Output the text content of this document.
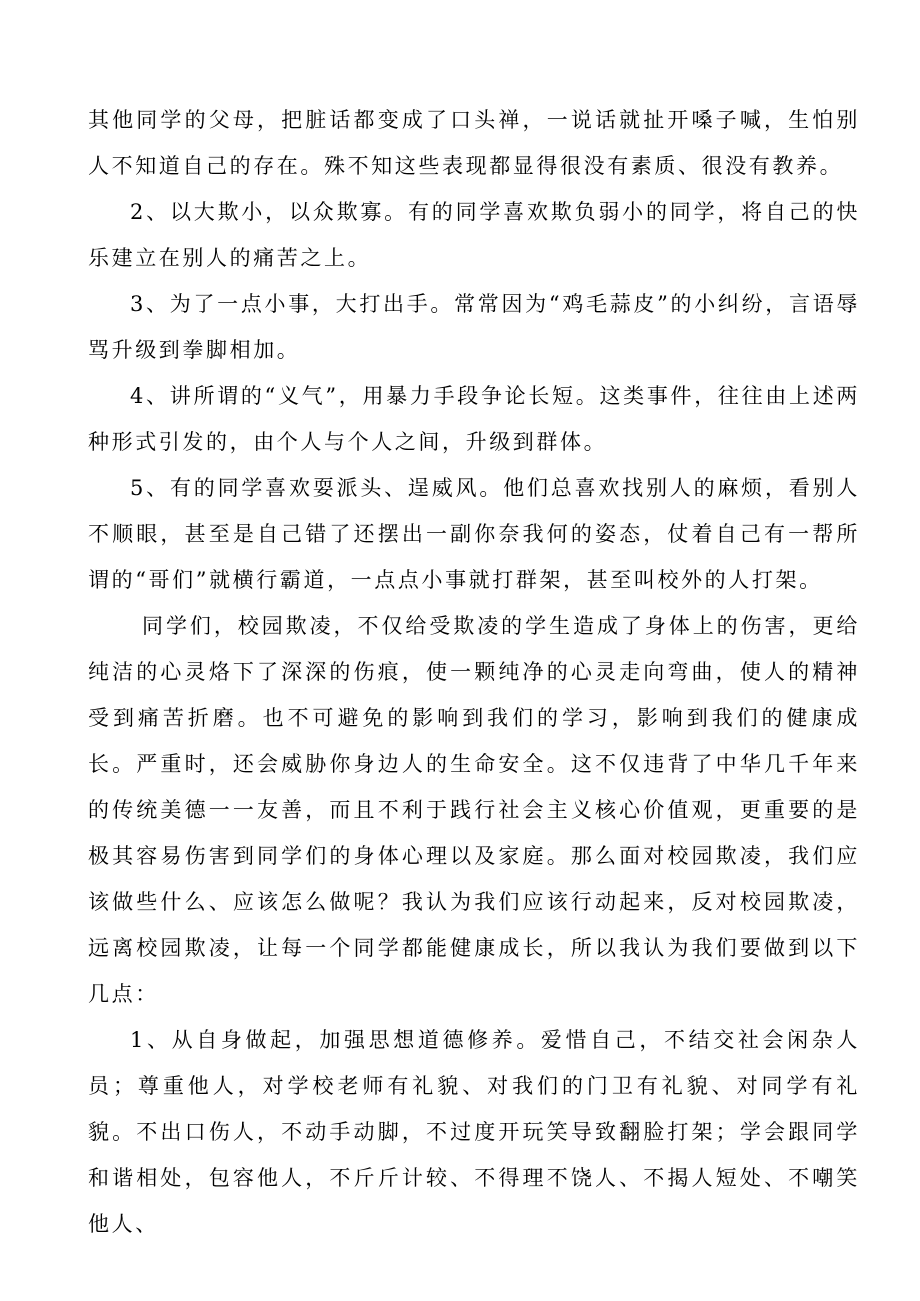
其他同学的父母，把脏话都变成了口头禅，一说话就扯开嗓子喊，生怕别人不知道自己的存在。殊不知这些表现都显得很没有素质、很没有教养。

2、以大欺小，以众欺寡。有的同学喜欢欺负弱小的同学，将自己的快乐建立在别人的痛苦之上。

3、为了一点小事，大打出手。常常因为“鸡毛蒜皮”的小纠纷，言语辱骂升级到拳脚相加。

4、讲所谓的“义气”，用暴力手段争论长短。这类事件，往往由上述两种形式引发的，由个人与个人之间，升级到群体。

5、有的同学喜欢耍派头、逞威风。他们总喜欢找别人的麻烦，看别人不顺眼，甚至是自己错了还摆出一副你奈我何的姿态，仗着自己有一帮所谓的“哥们”就横行霸道，一点点小事就打群架，甚至叫校外的人打架。

同学们，校园欺凌，不仅给受欺凌的学生造成了身体上的伤害，更给纯洁的心灵烙下了深深的伤痕，使一颗纯净的心灵走向弯曲，使人的精神受到痛苦折磨。也不可避免的影响到我们的学习，影响到我们的健康成长。严重时，还会威胁你身边人的生命安全。这不仅违背了中华几千年来的传统美德一一友善，而且不利于践行社会主义核心价值观，更重要的是极其容易伤害到同学们的身体心理以及家庭。那么面对校园欺凌，我们应该做些什么、应该怎么做呢？我认为我们应该行动起来，反对校园欺凌，远离校园欺凌，让每一个同学都能健康成长，所以我认为我们要做到以下几点：

1、从自身做起，加强思想道德修养。爱惜自己，不结交社会闲杂人员；尊重他人，对学校老师有礼貌、对我们的门卫有礼貌、对同学有礼貌。不出口伤人，不动手动脚，不过度开玩笑导致翻脸打架；学会跟同学和谐相处，包容他人，不斤斤计较、不得理不饶人、不揭人短处、不嘲笑他人、
